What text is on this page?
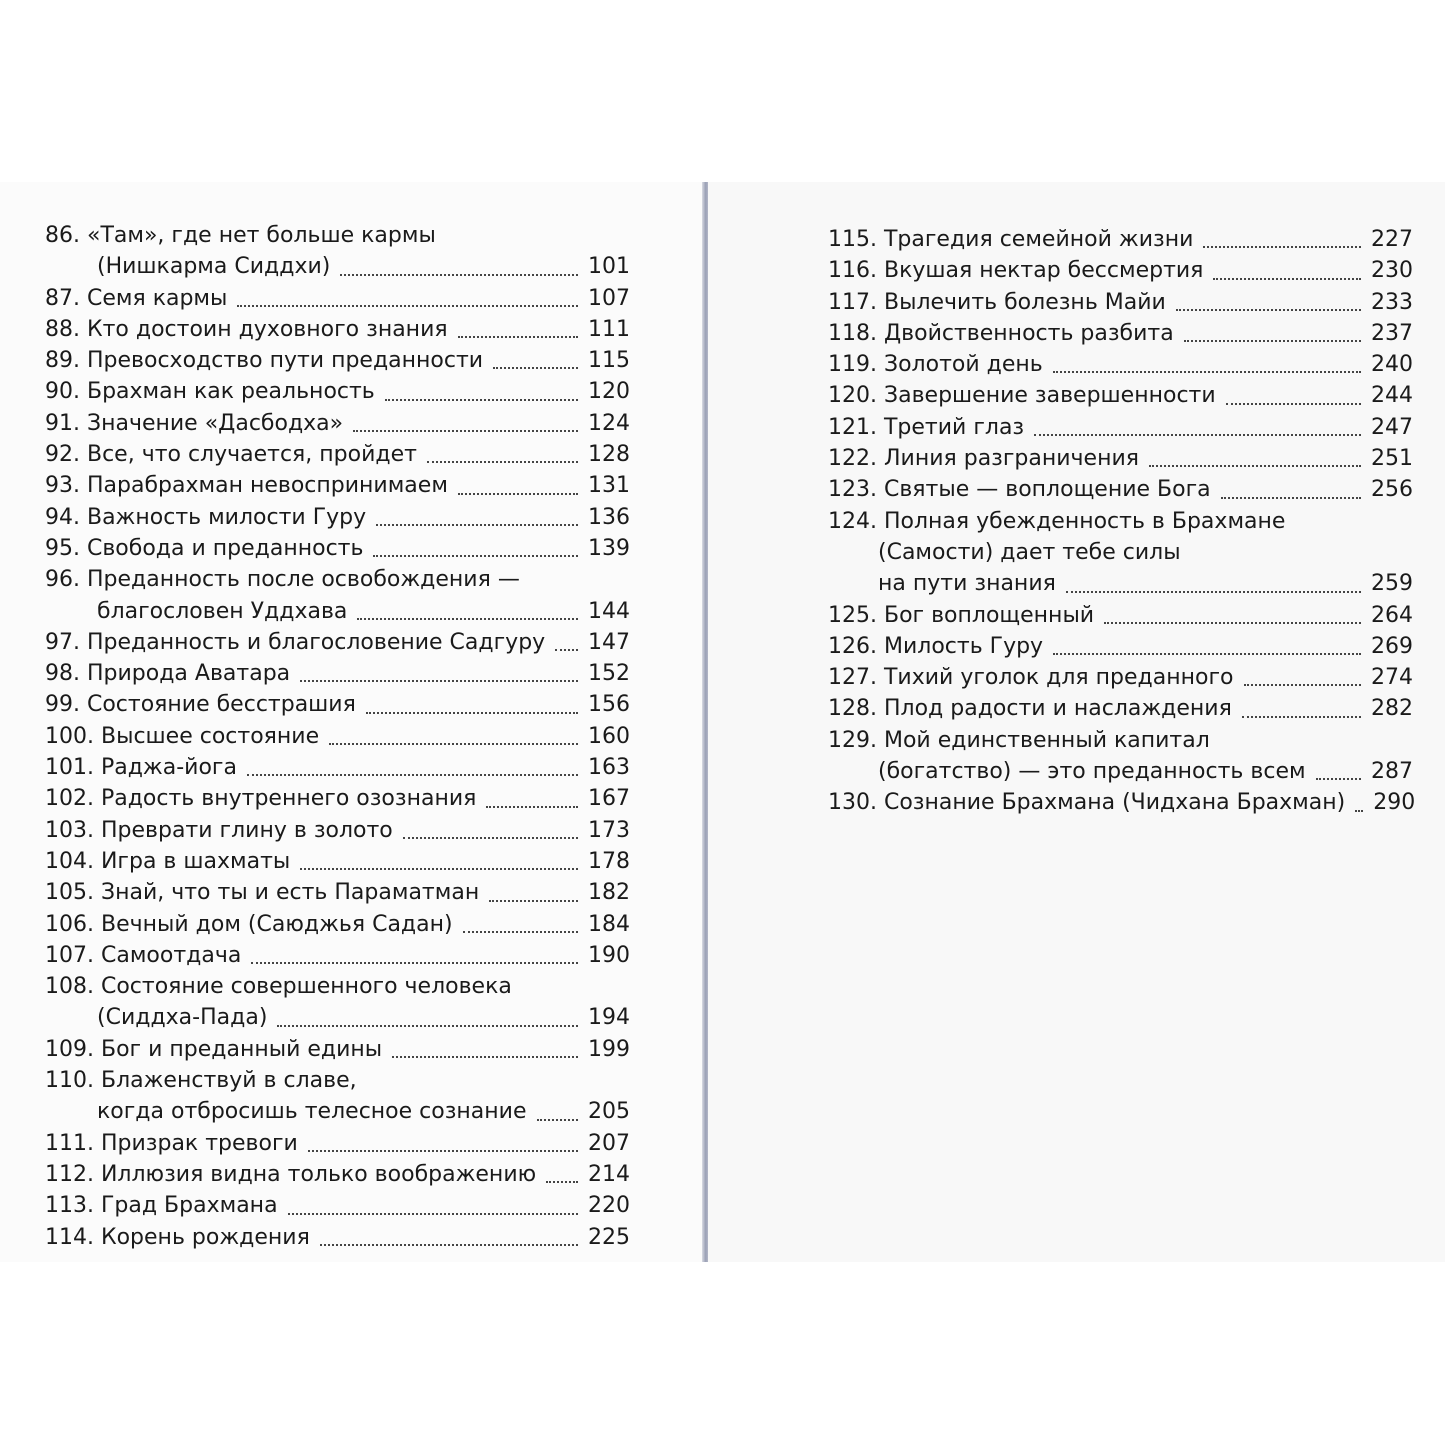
86. «Там», где нет больше кармы
(Нишкарма Сиддхи)	101
87. Семя кармы	107
88. Кто достоин духовного знания	111
89. Превосходство пути преданности	115
90. Брахман как реальность	120
91. Значение «Дасбодха»	124
92. Все, что случается, пройдет	128
93. Парабрахман невоспринимаем	131
94. Важность милости Гуру	136
95. Свобода и преданность	139
96. Преданность после освобождения —
благословен Уддхава	144
97. Преданность и благословение Садгуру 147
98. Природа Аватара	152
99. Состояние бесстрашия	156
100. Высшее состояние	160
101. Раджа-йога	163
102. Радость внутреннего озознания	167
103. Преврати глину в золото	173
104. Игра в шахматы	178
105. Знай, что ты и есть Параматман	182
106. Вечный дом (Саюджья Садан)	184
107. Самоотдача	190
108. Состояние совершенного человека
(Сиддха-Пада)	194
109. Бог и преданный едины	199
110. Блаженствуй в славе,
когда отбросишь телесное сознание	205
111. Призрак тревоги	207
112. Иллюзия видна только воображению 214
113. Град Брахмана	220
114. Корень рождения	225
115. Трагедия семейной жизни	227
116. Вкушая нектар бессмертия	230
117. Вылечить болезнь Майи	233
118. Двойственность разбита	237
119. Золотой день	240
120. Завершение завершенности	244
121. Третий глаз	247
122. Линия разграничения	251
123. Святые — воплощение Бога	256
124. Полная убежденность в Брахмане
(Самости) дает тебе силы
на пути знания	259
125. Бог воплощенный	264
126. Милость Гуру	269
127. Тихий уголок для преданного	274
128. Плод радости и наслаждения	282
129. Мой единственный капитал
(богатство) — это преданность всем	287
130. Сознание Брахмана (Чидхана Брахман) 290
